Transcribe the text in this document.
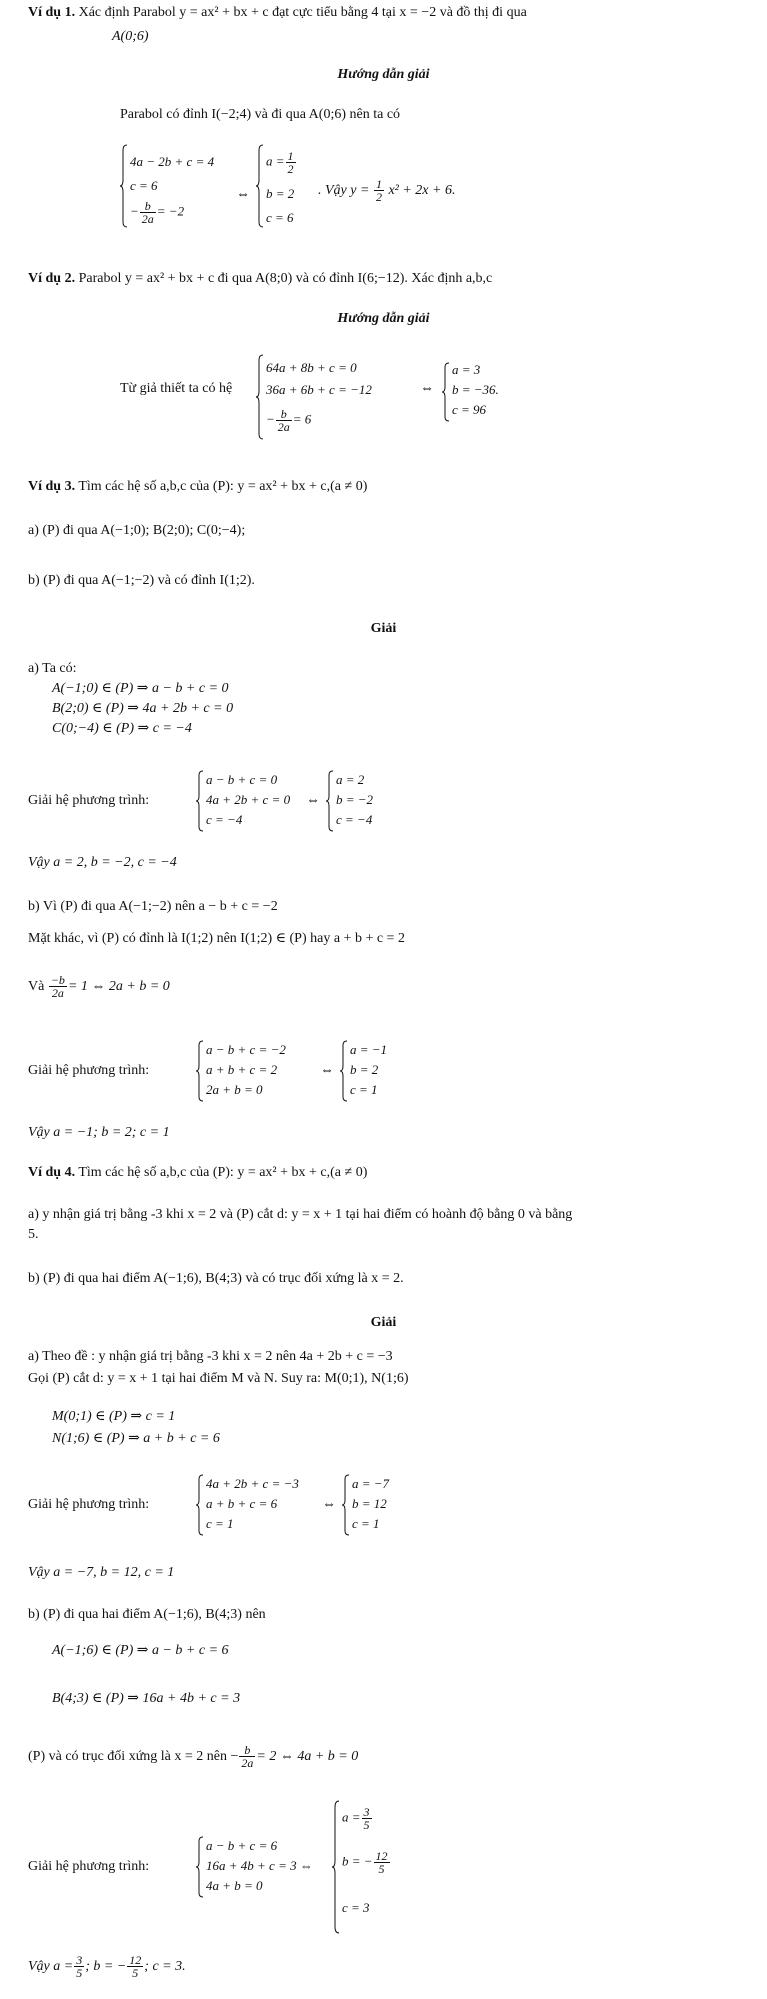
Ví dụ 1. Xác định Parabol y = ax² + bx + c đạt cực tiểu bằng 4 tại x = −2 và đồ thị đi qua
A(0;6)
Hướng dẫn giải
Parabol có đỉnh I(−2;4) và đi qua A(0;6) nên ta có
4a − 2b + c = 4
c = 6
− $\frac{b}{2a} = -2$
⇔
$a = \frac{1}{2}$
b = 2
c = 6
. Vậy $y = \frac{1}{2} x^2 + 2x + 6$.
Ví dụ 2. Parabol y = ax² + bx + c đi qua A(8;0) và có đỉnh I(6;−12). Xác định a,b,c
Hướng dẫn giải
Từ giả thiết ta có hệ
64a + 8b + c = 0
36a + 6b + c = −12
− $\frac{b}{2a} = 6$
⇔
a = 3
b = −36.
c = 96
Ví dụ 3. Tìm các hệ số a,b,c của (P): y = ax² + bx + c,(a ≠ 0)
a) (P) đi qua A(−1;0); B(2;0); C(0;−4);
b) (P) đi qua A(−1;−2) và có đỉnh I(1;2).
Giải
a) Ta có:
A(−1;0) ∈ (P) ⇒ a − b + c = 0
B(2;0) ∈ (P) ⇒ 4a + 2b + c = 0
C(0;−4) ∈ (P) ⇒ c = −4
Giải hệ phương trình:
a − b + c = 0
4a + 2b + c = 0
c = −4
⇔
a = 2
b = −2
c = −4
Vậy a = 2, b = −2, c = −4
b) Vì (P) đi qua A(−1;−2) nên a − b + c = −2
Mặt khác, vì (P) có đỉnh là I(1;2) nên I(1;2) ∈ (P) hay a + b + c = 2
Và $\frac{-b}{2a} = 1$ ⇔ 2a + b = 0
Giải hệ phương trình:
a − b + c = −2
a + b + c = 2
2a + b = 0
⇔
a = −1
b = 2
c = 1
Vậy a = −1; b = 2; c = 1
Ví dụ 4. Tìm các hệ số a,b,c của (P): y = ax² + bx + c,(a ≠ 0)
a) y nhận giá trị bằng -3 khi x = 2 và (P) cắt d: y = x + 1 tại hai điểm có hoành độ bằng 0 và bằng
5.
b) (P) đi qua hai điểm A(−1;6), B(4;3) và có trục đối xứng là x = 2.
Giải
a) Theo đề : y nhận giá trị bằng -3 khi x = 2 nên 4a + 2b + c = −3
Gọi (P) cắt d: y = x + 1 tại hai điểm M và N. Suy ra: M(0;1), N(1;6)
M(0;1) ∈ (P) ⇒ c = 1
N(1;6) ∈ (P) ⇒ a + b + c = 6
Giải hệ phương trình:
4a + 2b + c = −3
a + b + c = 6
c = 1
⇔
a = −7
b = 12
c = 1
Vậy a = −7, b = 12, c = 1
b) (P) đi qua hai điểm A(−1;6), B(4;3) nên
A(−1;6) ∈ (P) ⇒ a − b + c = 6
B(4;3) ∈ (P) ⇒ 16a + 4b + c = 3
(P) và có trục đối xứng là x = 2 nên − $\frac{b}{2a} = 2$ ⇔ 4a + b = 0
Giải hệ phương trình:
a − b + c = 6
16a + 4b + c = 3 ⇔
4a + b = 0
$a = \frac{3}{5}$
b = − $\frac{12}{5}$
c = 3
Vậy $a = \frac{3}{5}$ ; b = − $\frac{12}{5}$ ; c = 3.
